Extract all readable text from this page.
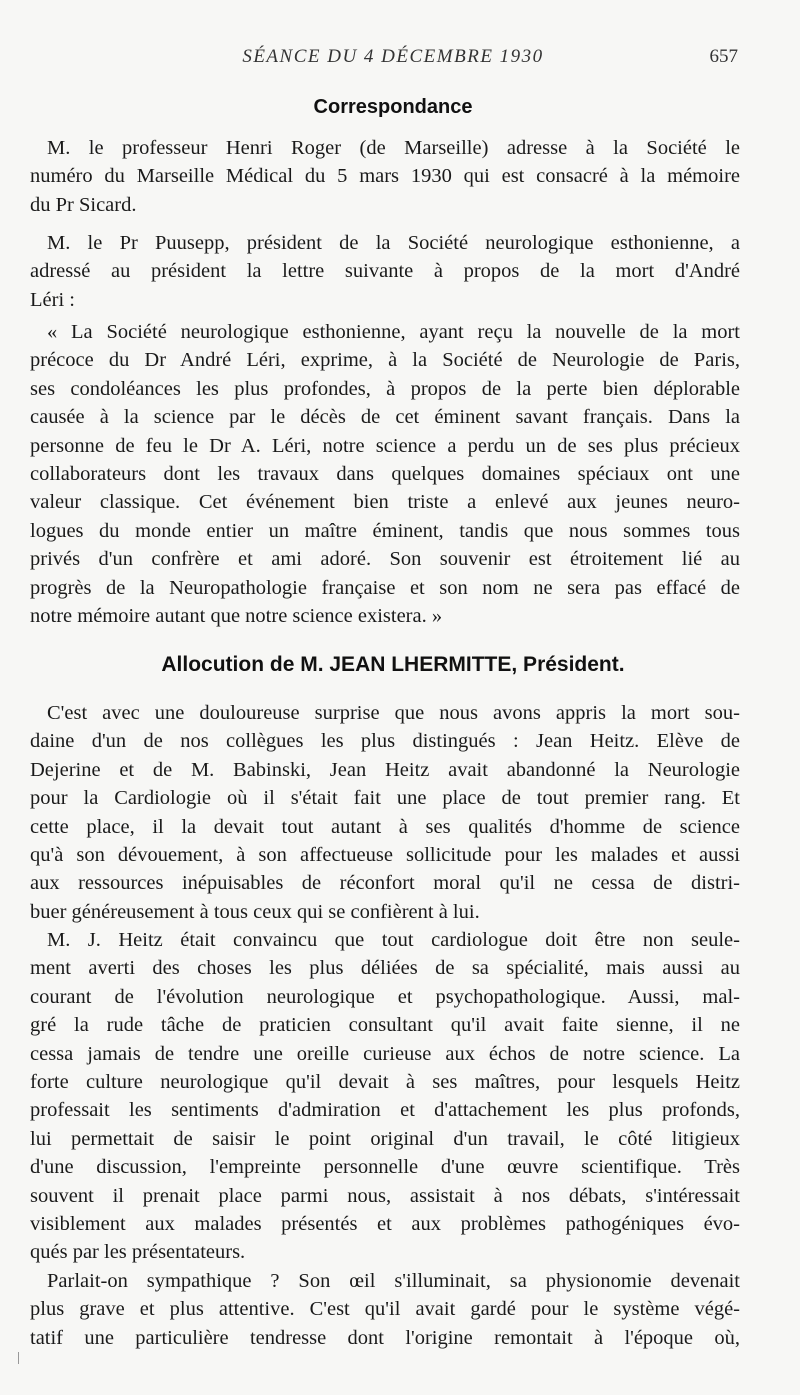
SÉANCE DU 4 DÉCEMBRE 1930	657
Correspondance
M. le professeur Henri Roger (de Marseille) adresse à la Société le
numéro du Marseille Médical du 5 mars 1930 qui est consacré à la mémoire
du Pr Sicard.
M. le Pr Puusepp, président de la Société neurologique esthonienne, a
adressé au président la lettre suivante à propos de la mort d'André
Léri :
« La Société neurologique esthonienne, ayant reçu la nouvelle de la mort
précoce du Dr André Léri, exprime, à la Société de Neurologie de Paris,
ses condoléances les plus profondes, à propos de la perte bien déplorable
causée à la science par le décès de cet éminent savant français. Dans la
personne de feu le Dr A. Léri, notre science a perdu un de ses plus précieux
collaborateurs dont les travaux dans quelques domaines spéciaux ont une
valeur classique. Cet événement bien triste a enlevé aux jeunes neuro-
logues du monde entier un maître éminent, tandis que nous sommes tous
privés d'un confrère et ami adoré. Son souvenir est étroitement lié au
progrès de la Neuropathologie française et son nom ne sera pas effacé de
notre mémoire autant que notre science existera. »
Allocution de M. JEAN LHERMITTE, Président.
C'est avec une douloureuse surprise que nous avons appris la mort sou-
daine d'un de nos collègues les plus distingués : Jean Heitz. Elève de
Dejerine et de M. Babinski, Jean Heitz avait abandonné la Neurologie
pour la Cardiologie où il s'était fait une place de tout premier rang. Et
cette place, il la devait tout autant à ses qualités d'homme de science
qu'à son dévouement, à son affectueuse sollicitude pour les malades et aussi
aux ressources inépuisables de réconfort moral qu'il ne cessa de distri-
buer généreusement à tous ceux qui se confièrent à lui.
M. J. Heitz était convaincu que tout cardiologue doit être non seule-
ment averti des choses les plus déliées de sa spécialité, mais aussi au
courant de l'évolution neurologique et psychopathologique. Aussi, mal-
gré la rude tâche de praticien consultant qu'il avait faite sienne, il ne
cessa jamais de tendre une oreille curieuse aux échos de notre science. La
forte culture neurologique qu'il devait à ses maîtres, pour lesquels Heitz
professait les sentiments d'admiration et d'attachement les plus profonds,
lui permettait de saisir le point original d'un travail, le côté litigieux
d'une discussion, l'empreinte personnelle d'une œuvre scientifique. Très
souvent il prenait place parmi nous, assistait à nos débats, s'intéressait
visiblement aux malades présentés et aux problèmes pathogéniques évo-
qués par les présentateurs.
Parlait-on sympathique ? Son œil s'illuminait, sa physionomie devenait
plus grave et plus attentive. C'est qu'il avait gardé pour le système végé-
tatif une particulière tendresse dont l'origine remontait à l'époque où,
